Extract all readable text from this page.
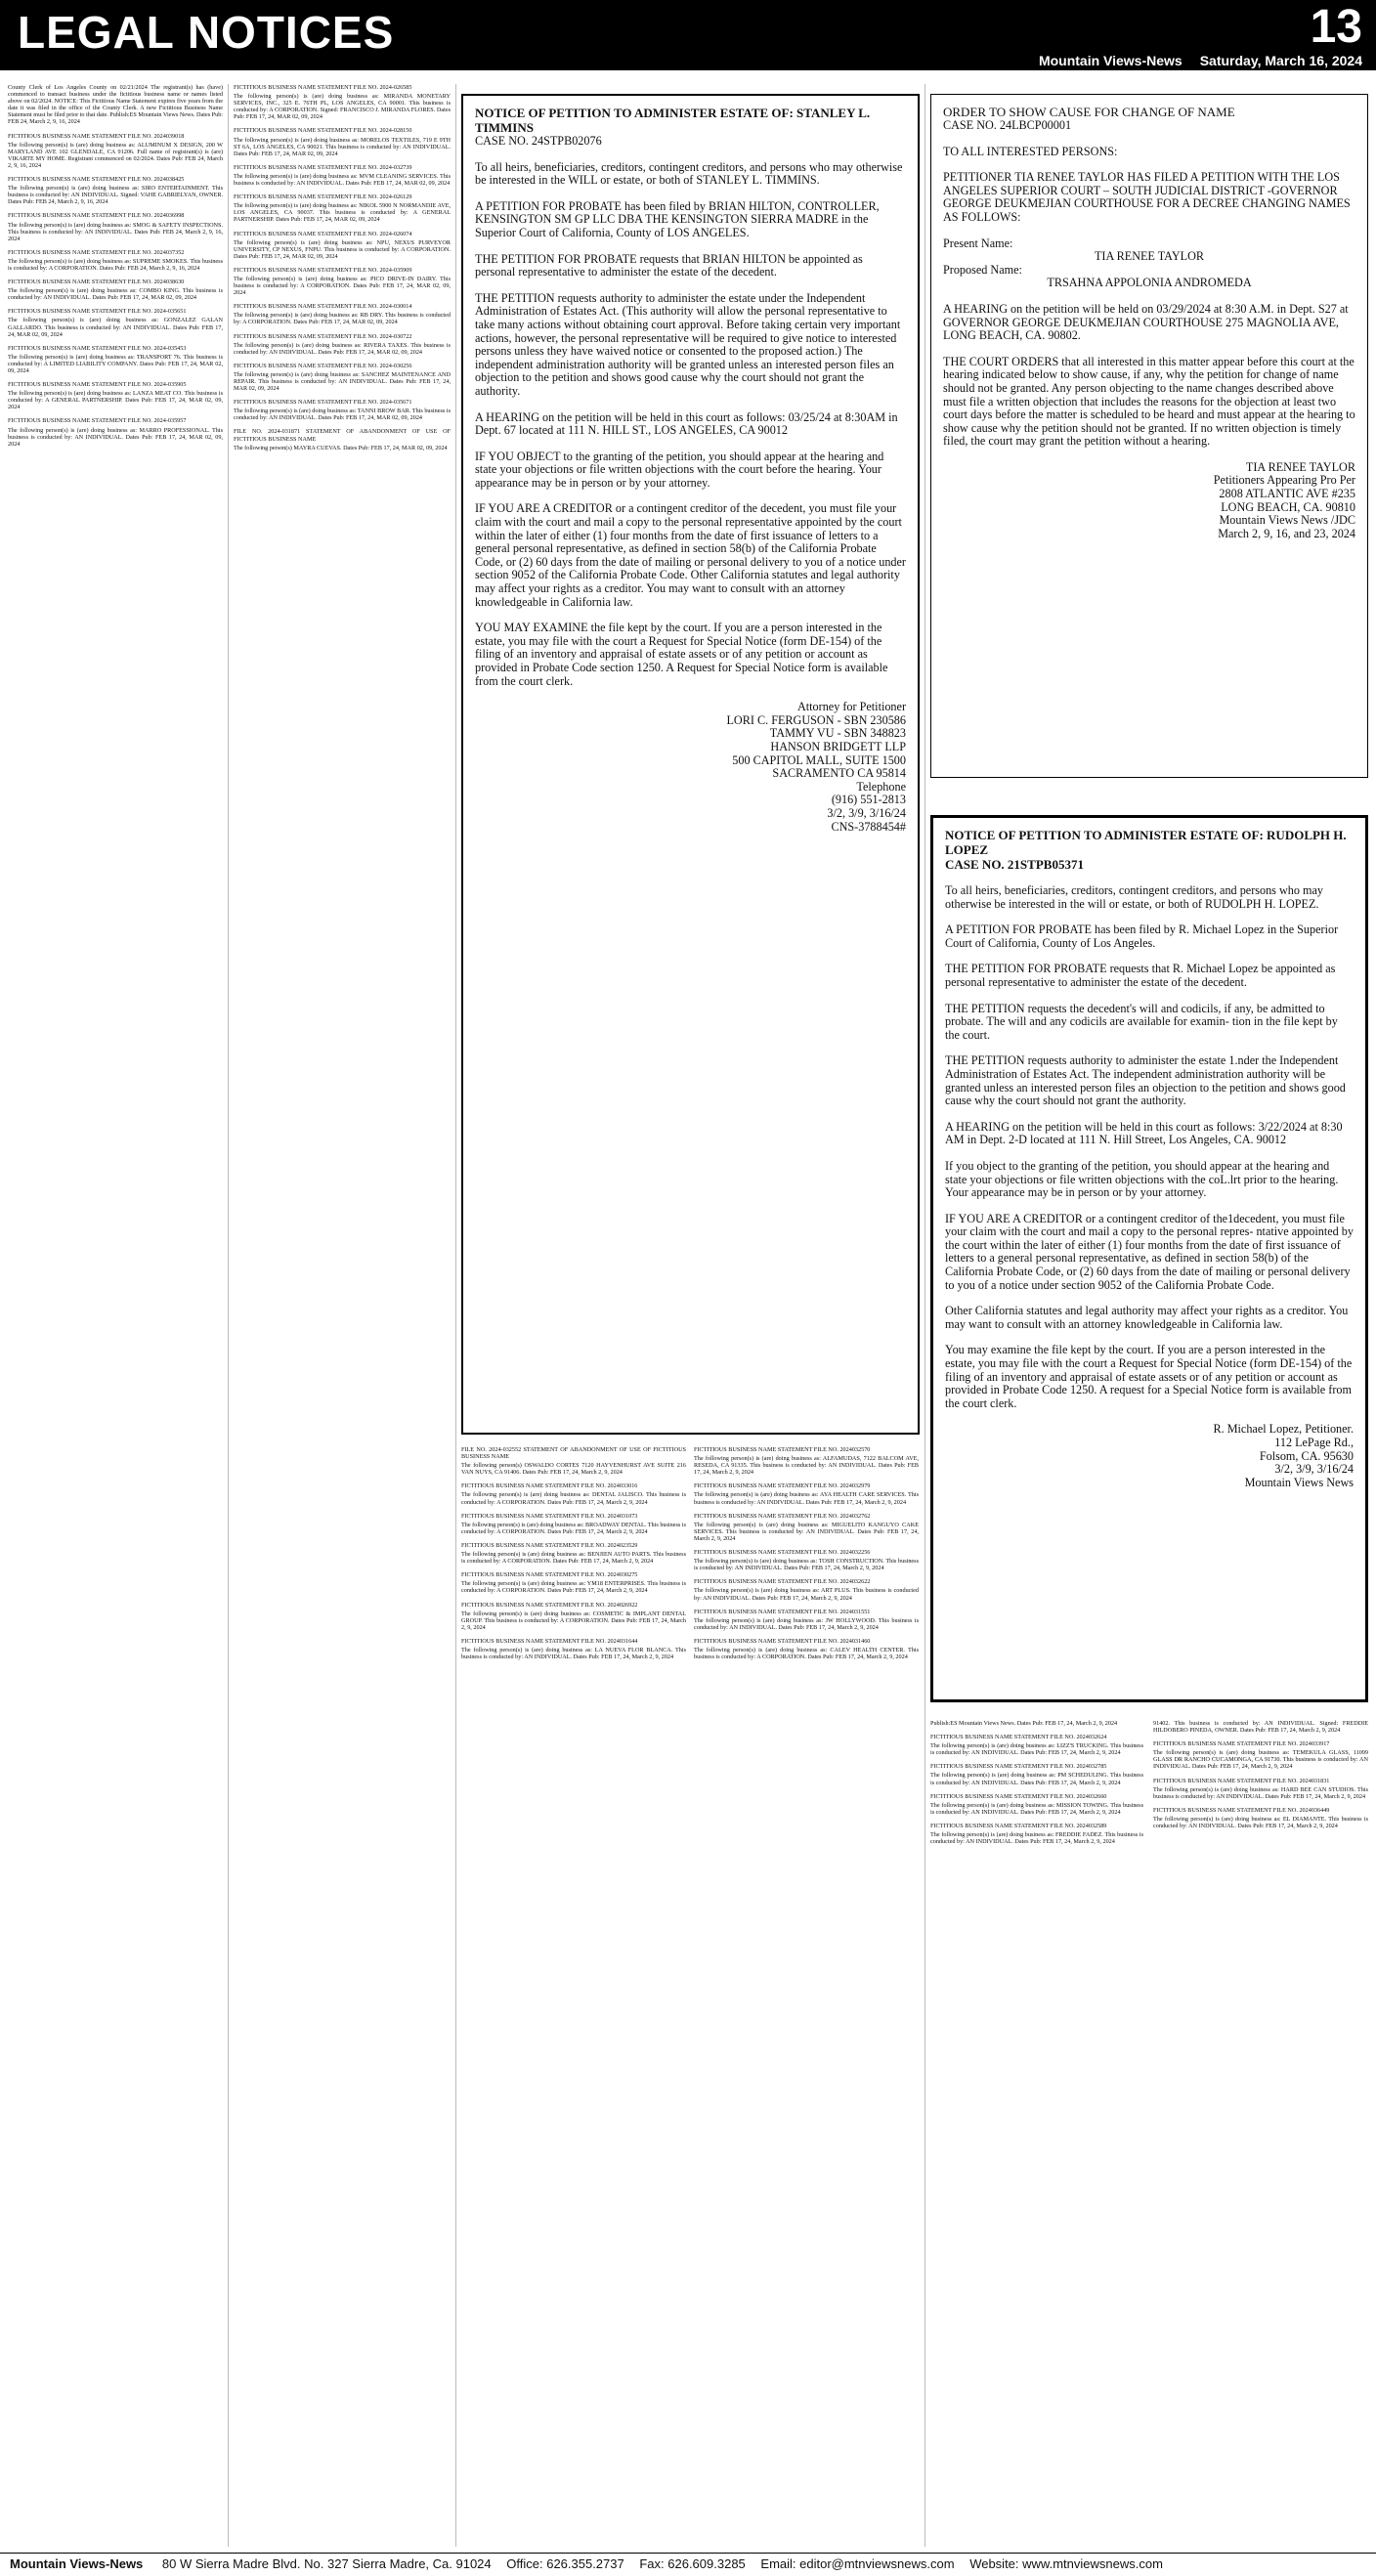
LEGAL NOTICES	13
Mountain Views-News Saturday, March 16, 2024

County Clerk of Los Angeles County on 02/21/2024 The registrant(s) has (have) commenced to transact business under the fictitious business name or names listed above on 02/2024. NOTICE: This Fictitious Name Statement expires five years from the date it was filed in the office of the County Clerk. A new Fictitious Business Name Statement must be filed prior to that date. Publish:ES Mountain Views News. Dates Pub: FEB 24, March 2, 9, 16, 2024

FICTITIOUS BUSINESS NAME STATEMENT FILE NO. 2024039018

The following person(s) is (are) doing business as: ALUMINUM X DESIGN, 200 W MARYLAND AVE 102 GLENDALE, CA 91206. Full name of registrant(s) is (are) VIKARTE MY HOME. Registrant commenced on 02/2024. Dates Pub: FEB 24, March 2, 9, 16, 2024

FICTITIOUS BUSINESS NAME STATEMENT FILE NO. 2024038425

The following person(s) is (are) doing business as: SIRO ENTERTAINMENT. This business is conducted by: AN INDIVIDUAL. Signed: VAHE GABRIELYAN, OWNER. Dates Pub: FEB 24, March 2, 9, 16, 2024

FICTITIOUS BUSINESS NAME STATEMENT FILE NO. 2024036998

The following person(s) is (are) doing business as: SMOG & SAFETY INSPECTIONS. This business is conducted by: AN INDIVIDUAL. Dates Pub: FEB 24, March 2, 9, 16, 2024

FICTITIOUS BUSINESS NAME STATEMENT FILE NO. 2024037352

The following person(s) is (are) doing business as: SUPREME SMOKES. This business is conducted by: A CORPORATION. Dates Pub: FEB 24, March 2, 9, 16, 2024

FICTITIOUS BUSINESS NAME STATEMENT FILE NO. 2024038630

The following person(s) is (are) doing business as: COMBO KING. This business is conducted by: AN INDIVIDUAL. Dates Pub: FEB 17, 24, MAR 02, 09, 2024

FICTITIOUS BUSINESS NAME STATEMENT FILE NO. 2024-035651

The following person(s) is (are) doing business as: GONZALEZ GALAN GALLARDO. This business is conducted by: AN INDIVIDUAL. Dates Pub: FEB 17, 24, MAR 02, 09, 2024

FICTITIOUS BUSINESS NAME STATEMENT FILE NO. 2024-035453

The following person(s) is (are) doing business as: TRANSPORT 76. This business is conducted by: A LIMITED LIABILITY COMPANY. Dates Pub: FEB 17, 24, MAR 02, 09, 2024

FICTITIOUS BUSINESS NAME STATEMENT FILE NO. 2024-035905

The following person(s) is (are) doing business as: LANZA MEAT CO. This business is conducted by: A GENERAL PARTNERSHIP. Dates Pub: FEB 17, 24, MAR 02, 09, 2024

FICTITIOUS BUSINESS NAME STATEMENT FILE NO. 2024-035957

The following person(s) is (are) doing business as: MARRO PROFESSIONAL. This business is conducted by: AN INDIVIDUAL. Dates Pub: FEB 17, 24, MAR 02, 09, 2024

FICTITIOUS BUSINESS NAME STATEMENT FILE NO. 2024-026585

The following person(s) is (are) doing business as: MIRANDA MONETARY SERVICES, INC., 325 E. 76TH PL, LOS ANGELES, CA 90001. This business is conducted by: A CORPORATION. Signed: FRANCISCO J. MIRANDA FLORES. Dates Pub: FEB 17, 24, MAR 02, 09, 2024

FICTITIOUS BUSINESS NAME STATEMENT FILE NO. 2024-028150

The following person(s) is (are) doing business as: MORELOS TEXTILES, 719 E 9TH ST 6A, LOS ANGELES, CA 90021. This business is conducted by: AN INDIVIDUAL. Dates Pub: FEB 17, 24, MAR 02, 09, 2024

FICTITIOUS BUSINESS NAME STATEMENT FILE NO. 2024-032739

The following person(s) is (are) doing business as: MVM CLEANING SERVICES. This business is conducted by: AN INDIVIDUAL. Dates Pub: FEB 17, 24, MAR 02, 09, 2024

FICTITIOUS BUSINESS NAME STATEMENT FILE NO. 2024-026129

The following person(s) is (are) doing business as: NIKOL 5900 N NORMANDIE AVE, LOS ANGELES, CA 90037. This business is conducted by: A GENERAL PARTNERSHIP. Dates Pub: FEB 17, 24, MAR 02, 09, 2024

FICTITIOUS BUSINESS NAME STATEMENT FILE NO. 2024-026074

The following person(s) is (are) doing business as: NPU, NEXUS PURVEYOR UNIVERSITY, CP NEXUS, FNPU. This business is conducted by: A CORPORATION. Dates Pub: FEB 17, 24, MAR 02, 09, 2024

FICTITIOUS BUSINESS NAME STATEMENT FILE NO. 2024-035909

The following person(s) is (are) doing business as: PICO DRIVE-IN DAIRY. This business is conducted by: A CORPORATION. Dates Pub: FEB 17, 24, MAR 02, 09, 2024

FICTITIOUS BUSINESS NAME STATEMENT FILE NO. 2024-030014

The following person(s) is (are) doing business as: RB DRY. This business is conducted by: A CORPORATION. Dates Pub: FEB 17, 24, MAR 02, 09, 2024

FICTITIOUS BUSINESS NAME STATEMENT FILE NO. 2024-030722

The following person(s) is (are) doing business as: RIVERA TAXES. This business is conducted by: AN INDIVIDUAL. Dates Pub: FEB 17, 24, MAR 02, 09, 2024

FICTITIOUS BUSINESS NAME STATEMENT FILE NO. 2024-030256

The following person(s) is (are) doing business as: SANCHEZ MAINTENANCE AND REPAIR. This business is conducted by: AN INDIVIDUAL. Dates Pub: FEB 17, 24, MAR 02, 09, 2024

FICTITIOUS BUSINESS NAME STATEMENT FILE NO. 2024-035671

The following person(s) is (are) doing business as: TANNI BROW BAR. This business is conducted by: AN INDIVIDUAL. Dates Pub: FEB 17, 24, MAR 02, 09, 2024

FILE NO. 2024-031871 STATEMENT OF ABANDONMENT OF USE OF FICTITIOUS BUSINESS NAME

The following person(s) MAYRA CUEVAS. Dates Pub: FEB 17, 24, MAR 02, 09, 2024

NOTICE OF PETITION TO ADMINISTER ESTATE OF: STANLEY L. TIMMINS

CASE NO. 24STPB02076

To all heirs, beneficiaries, creditors, contingent creditors, and persons who may otherwise be interested in the WILL or estate, or both of STANLEY L. TIMMINS.

A PETITION FOR PROBATE has been filed by BRIAN HILTON, CONTROLLER, KENSINGTON SM GP LLC DBA THE KENSINGTON SIERRA MADRE in the Superior Court of California, County of LOS ANGELES.

THE PETITION FOR PROBATE requests that BRIAN HILTON be appointed as personal representative to administer the estate of the decedent.

THE PETITION requests authority to administer the estate under the Independent Administration of Estates Act. (This authority will allow the personal representative to take many actions without obtaining court approval. Before taking certain very important actions, however, the personal representative will be required to give notice to interested persons unless they have waived notice or consented to the proposed action.) The independent administration authority will be granted unless an interested person files an objection to the petition and shows good cause why the court should not grant the authority.

A HEARING on the petition will be held in this court as follows: 03/25/24 at 8:30AM in Dept. 67 located at 111 N. HILL ST., LOS ANGELES, CA 90012

IF YOU OBJECT to the granting of the petition, you should appear at the hearing and state your objections or file written objections with the court before the hearing. Your appearance may be in person or by your attorney.

IF YOU ARE A CREDITOR or a contingent creditor of the decedent, you must file your claim with the court and mail a copy to the personal representative appointed by the court within the later of either (1) four months from the date of first issuance of letters to a general personal representative, as defined in section 58(b) of the California Probate Code, or (2) 60 days from the date of mailing or personal delivery to you of a notice under section 9052 of the California Probate Code. Other California statutes and legal authority may affect your rights as a creditor. You may want to consult with an attorney knowledgeable in California law.

YOU MAY EXAMINE the file kept by the court. If you are a person interested in the estate, you may file with the court a Request for Special Notice (form DE-154) of the filing of an inventory and appraisal of estate assets or of any petition or account as provided in Probate Code section 1250. A Request for Special Notice form is available from the court clerk.

Attorney for Petitioner

LORI C. FERGUSON - SBN 230586

TAMMY VU - SBN 348823

HANSON BRIDGETT LLP

500 CAPITOL MALL, SUITE 1500

SACRAMENTO CA 95814

Telephone

(916) 551-2813

3/2, 3/9, 3/16/24

CNS-3788454#

FILE NO. 2024-032552 STATEMENT OF ABANDONMENT OF USE OF FICTITIOUS BUSINESS NAME

The following person(s) OSWALDO CORTES 7120 HAYVENHURST AVE SUITE 216 VAN NUYS, CA 91406. Dates Pub: FEB 17, 24, March 2, 9, 2024

FICTITIOUS BUSINESS NAME STATEMENT FILE NO. 2024033016

The following person(s) is (are) doing business as: DENTAL JALISCO. This business is conducted by: A CORPORATION. Dates Pub: FEB 17, 24, March 2, 9, 2024

FICTITIOUS BUSINESS NAME STATEMENT FILE NO. 2024031073

The following person(s) is (are) doing business as: BROADWAY DENTAL. This business is conducted by: A CORPORATION. Dates Pub: FEB 17, 24, March 2, 9, 2024

FICTITIOUS BUSINESS NAME STATEMENT FILE NO. 2024023529

The following person(s) is (are) doing business as: BENJIEN AUTO PARTS. This business is conducted by: A CORPORATION. Dates Pub: FEB 17, 24, March 2, 9, 2024

FICTITIOUS BUSINESS NAME STATEMENT FILE NO. 2024030275

The following person(s) is (are) doing business as: YM18 ENTERPRISES. This business is conducted by: A CORPORATION. Dates Pub: FEB 17, 24, March 2, 9, 2024

FICTITIOUS BUSINESS NAME STATEMENT FILE NO. 2024026922

The following person(s) is (are) doing business as: COSMETIC & IMPLANT DENTAL GROUP. This business is conducted by: A CORPORATION. Dates Pub: FEB 17, 24, March 2, 9, 2024

FICTITIOUS BUSINESS NAME STATEMENT FILE NO. 2024031644

The following person(s) is (are) doing business as: LA NUEVA FLOR BLANCA. This business is conducted by: AN INDIVIDUAL. Dates Pub: FEB 17, 24, March 2, 9, 2024

FICTITIOUS BUSINESS NAME STATEMENT FILE NO. 2024032570

The following person(s) is (are) doing business as: ALFAMUDAS, 7122 BALCOM AVE, RESEDA, CA 91335. This business is conducted by: AN INDIVIDUAL. Dates Pub: FEB 17, 24, March 2, 9, 2024

FICTITIOUS BUSINESS NAME STATEMENT FILE NO. 2024032979

The following person(s) is (are) doing business as: AYA HEALTH CARE SERVICES. This business is conducted by: AN INDIVIDUAL. Dates Pub: FEB 17, 24, March 2, 9, 2024

FICTITIOUS BUSINESS NAME STATEMENT FILE NO. 2024032762

The following person(s) is (are) doing business as: MIGUELITO KANGUYO CAKE SERVICES. This business is conducted by: AN INDIVIDUAL. Dates Pub: FEB 17, 24, March 2, 9, 2024

FICTITIOUS BUSINESS NAME STATEMENT FILE NO. 2024032256

The following person(s) is (are) doing business as: TOSH CONSTRUCTION. This business is conducted by: AN INDIVIDUAL. Dates Pub: FEB 17, 24, March 2, 9, 2024

FICTITIOUS BUSINESS NAME STATEMENT FILE NO. 2024032622

The following person(s) is (are) doing business as: ART PLUS. This business is conducted by: AN INDIVIDUAL. Dates Pub: FEB 17, 24, March 2, 9, 2024

FICTITIOUS BUSINESS NAME STATEMENT FILE NO. 2024031551

The following person(s) is (are) doing business as: JW HOLLYWOOD. This business is conducted by: AN INDIVIDUAL. Dates Pub: FEB 17, 24, March 2, 9, 2024

FICTITIOUS BUSINESS NAME STATEMENT FILE NO. 2024031460

The following person(s) is (are) doing business as: CALEV HEALTH CENTER. This business is conducted by: A CORPORATION. Dates Pub: FEB 17, 24, March 2, 9, 2024

ORDER TO SHOW CAUSE FOR CHANGE OF NAME

CASE NO. 24LBCP00001

TO ALL INTERESTED PERSONS:

PETITIONER TIA RENEE TAYLOR HAS FILED A PETITION WITH THE LOS ANGELES SUPERIOR COURT – SOUTH JUDICIAL DISTRICT -GOVERNOR GEORGE DEUKMEJIAN COURTHOUSE FOR A DECREE CHANGING NAMES AS FOLLOWS:

Present Name:

TIA RENEE TAYLOR

Proposed Name:

TRSAHNA APPOLONIA ANDROMEDA

A HEARING on the petition will be held on 03/29/2024 at 8:30 A.M. in Dept. S27 at GOVERNOR GEORGE DEUKMEJIAN COURTHOUSE 275 MAGNOLIA AVE, LONG BEACH, CA. 90802.

THE COURT ORDERS that all interested in this matter appear before this court at the hearing indicated below to show cause, if any, why the petition for change of name should not be granted. Any person objecting to the name changes described above must file a written objection that includes the reasons for the objection at least two court days before the matter is scheduled to be heard and must appear at the hearing to show cause why the petition should not be granted. If no written objection is timely filed, the court may grant the petition without a hearing.

TIA RENEE TAYLOR

Petitioners Appearing Pro Per

2808 ATLANTIC AVE #235

LONG BEACH, CA. 90810

Mountain Views News /JDC

March 2, 9, 16, and 23, 2024

NOTICE OF PETITION TO ADMINISTER ESTATE OF: RUDOLPH H. LOPEZ

CASE NO. 21STPB05371

To all heirs, beneficiaries, creditors, contingent creditors, and persons who may otherwise be interested in the will or estate, or both of RUDOLPH H. LOPEZ.

A PETITION FOR PROBATE has been filed by R. Michael Lopez in the Superior Court of California, County of Los Angeles.

THE PETITION FOR PROBATE requests that R. Michael Lopez be appointed as personal representative to administer the estate of the decedent.

THE PETITION requests the decedent's will and codicils, if any, be admitted to probate. The will and any codicils are available for examin- tion in the file kept by the court.

THE PETITION requests authority to administer the estate 1.nder the Independent Administration of Estates Act. The independent administration authority will be granted unless an interested person files an objection to the petition and shows good cause why the court should not grant the authority.

A HEARING on the petition will be held in this court as follows: 3/22/2024 at 8:30 AM in Dept. 2-D located at 111 N. Hill Street, Los Angeles, CA. 90012

If you object to the granting of the petition, you should appear at the hearing and state your objections or file written objections with the coL.lrt prior to the hearing. Your appearance may be in person or by your attorney.

IF YOU ARE A CREDITOR or a contingent creditor of the1decedent, you must file your claim with the court and mail a copy to the personal repres- ntative appointed by the court within the later of either (1) four months from the date of first issuance of letters to a general personal representative, as defined in section 58(b) of the California Probate Code, or (2) 60 days from the date of mailing or personal delivery to you of a notice under section 9052 of the California Probate Code.

Other California statutes and legal authority may affect your rights as a creditor. You may want to consult with an attorney knowledgeable in California law.

You may examine the file kept by the court. If you are a person interested in the estate, you may file with the court a Request for Special Notice (form DE-154) of the filing of an inventory and appraisal of estate assets or of any petition or account as provided in Probate Code 1250. A request for a Special Notice form is available from the court clerk.

R. Michael Lopez, Petitioner.

112 LePage Rd.,

Folsom, CA. 95630

3/2, 3/9, 3/16/24

Mountain Views News

Publish:ES Mountain Views News. Dates Pub: FEB 17, 24, March 2, 9, 2024

FICTITIOUS BUSINESS NAME STATEMENT FILE NO. 2024032624

The following person(s) is (are) doing business as: LIZZ'S TRUCKING. This business is conducted by: AN INDIVIDUAL. Dates Pub: FEB 17, 24, March 2, 9, 2024

FICTITIOUS BUSINESS NAME STATEMENT FILE NO. 2024032785

The following person(s) is (are) doing business as: PM SCHEDULING. This business is conducted by: AN INDIVIDUAL. Dates Pub: FEB 17, 24, March 2, 9, 2024

FICTITIOUS BUSINESS NAME STATEMENT FILE NO. 2024032660

The following person(s) is (are) doing business as: MISSION TOWING. This business is conducted by: AN INDIVIDUAL. Dates Pub: FEB 17, 24, March 2, 9, 2024

FICTITIOUS BUSINESS NAME STATEMENT FILE NO. 2024032589

The following person(s) is (are) doing business as: FREDDIE FADEZ. This business is conducted by: AN INDIVIDUAL. Dates Pub: FEB 17, 24, March 2, 9, 2024

91402. This business is conducted by: AN INDIVIDUAL. Signed: FREDDIE HILDOBERO PINEDA, OWNER. Dates Pub: FEB 17, 24, March 2, 9, 2024

FICTITIOUS BUSINESS NAME STATEMENT FILE NO. 2024033917

The following person(s) is (are) doing business as: TEMEKULA GLASS, 11099 GLASS DR RANCHO CUCAMONGA, CA 91730. This business is conducted by: AN INDIVIDUAL. Dates Pub: FEB 17, 24, March 2, 9, 2024

FICTITIOUS BUSINESS NAME STATEMENT FILE NO. 2024031831

The following person(s) is (are) doing business as: HARD BEE CAN STUDIOS. This business is conducted by: AN INDIVIDUAL. Dates Pub: FEB 17, 24, March 2, 9, 2024

FICTITIOUS BUSINESS NAME STATEMENT FILE NO. 2024036449

The following person(s) is (are) doing business as: EL DIAMANTE. This business is conducted by: AN INDIVIDUAL. Dates Pub: FEB 17, 24, March 2, 9, 2024

Mountain Views-News 80 W Sierra Madre Blvd. No. 327 Sierra Madre, Ca. 91024 Office: 626.355.2737 Fax: 626.609.3285 Email: editor@mtnviewsnews.com Website: www.mtnviewsnews.com
